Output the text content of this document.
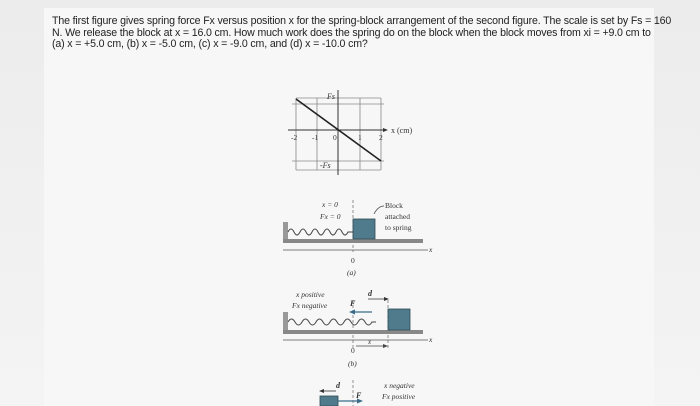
The first figure gives spring force Fx versus position x for the spring-block arrangement of the second figure. The scale is set by Fs = 160
N. We release the block at x = 16.0 cm. How much work does the spring do on the block when the block moves from xi = +9.0 cm to
(a) x = +5.0 cm, (b) x = -5.0 cm, (c) x = -9.0 cm, and (d) x = -10.0 cm?
Fs
-Fs
x (cm)
-2 -1 0	1 2
x = 0
Fx = 0
Block
attached
to spring
x
0
(a)
x positive
Fx negative
d
F
x
x
0
(b)
d
F
x negative
Fx positive
